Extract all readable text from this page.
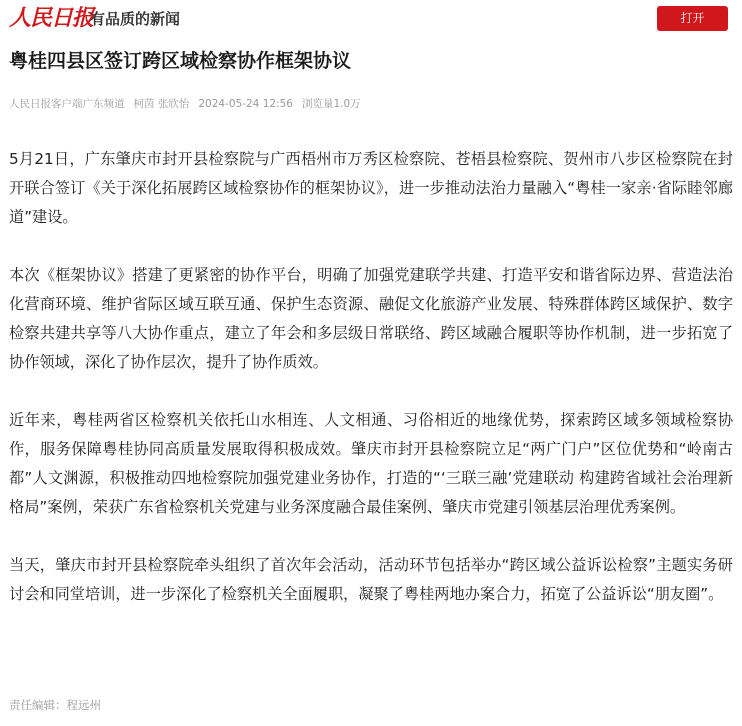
人民日报
有品质的新闻	打开
粤桂四县区签订跨区域检察协作框架协议
人民日报客户端广东频道 柯茵 张欣怡 2024-05-24 12:56 浏览量1.0万

5月21日，广东肇庆市封开县检察院与广西梧州市万秀区检察院、苍梧县检察院、贺州市八步区检察院在封开联合签订《关于深化拓展跨区域检察协作的框架协议》，进一步推动法治力量融入“粤桂一家亲·省际睦邻廊道”建设。

本次《框架协议》搭建了更紧密的协作平台，明确了加强党建联学共建、打造平安和谐省际边界、营造法治化营商环境、维护省际区域互联互通、保护生态资源、融促文化旅游产业发展、特殊群体跨区域保护、数字检察共建共享等八大协作重点，建立了年会和多层级日常联络、跨区域融合履职等协作机制，进一步拓宽了协作领域，深化了协作层次，提升了协作质效。

近年来，粤桂两省区检察机关依托山水相连、人文相通、习俗相近的地缘优势，探索跨区域多领域检察协作，服务保障粤桂协同高质量发展取得积极成效。肇庆市封开县检察院立足“两广门户”区位优势和“岭南古都”人文渊源，积极推动四地检察院加强党建业务协作，打造的“‘三联三融’党建联动 构建跨省域社会治理新格局”案例，荣获广东省检察机关党建与业务深度融合最佳案例、肇庆市党建引领基层治理优秀案例。

当天，肇庆市封开县检察院牵头组织了首次年会活动，活动环节包括举办“跨区域公益诉讼检察”主题实务研讨会和同堂培训，进一步深化了检察机关全面履职，凝聚了粤桂两地办案合力，拓宽了公益诉讼“朋友圈”。

责任编辑：程远州
